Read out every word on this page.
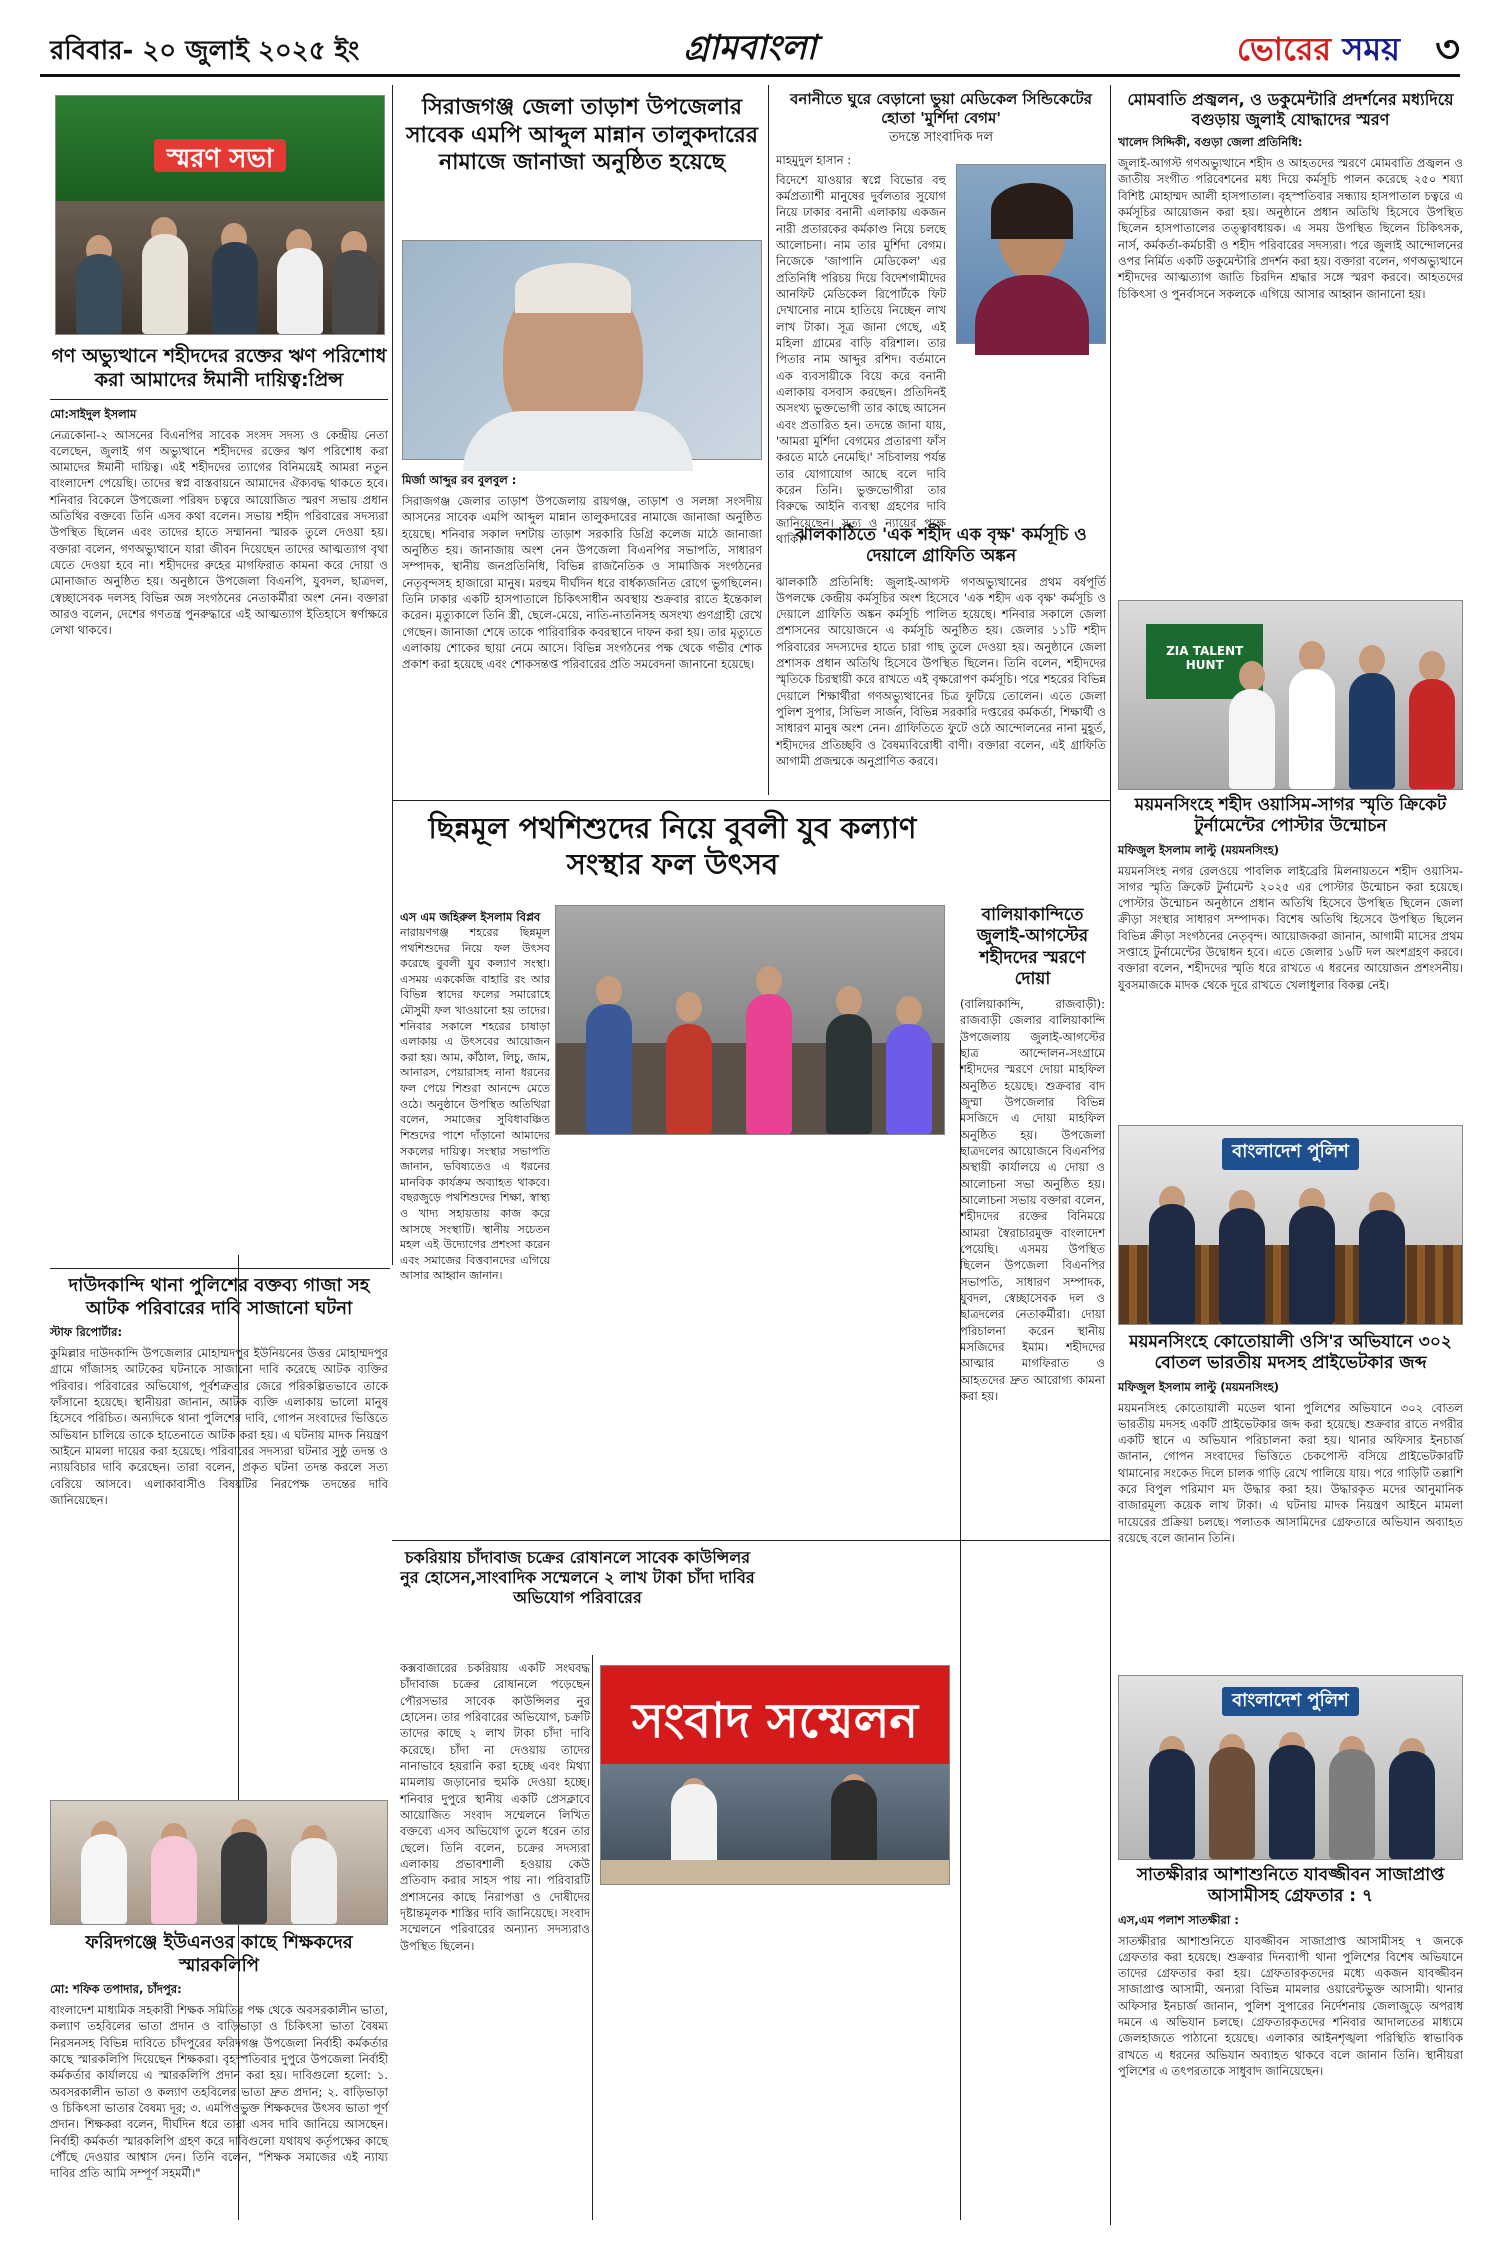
রবিবার- ২০ জুলাই ২০২৫ ইং	গ্রামবাংলা	ভোরের সময় ৩
স্মরণ সভা
গণ অভ্যুত্থানে শহীদদের রক্তের ঋণ পরিশোধ করা আমাদের ঈমানী দায়িত্ব:প্রিন্স
মো:সাইদুল ইসলাম
নেত্রকোনা-২ আসনের বিএনপির সাবেক সংসদ সদস্য ও কেন্দ্রীয় নেতা বলেছেন, জুলাই গণ অভ্যুত্থানে শহীদদের রক্তের ঋণ পরিশোধ করা আমাদের ঈমানী দায়িত্ব। এই শহীদদের ত্যাগের বিনিময়েই আমরা নতুন বাংলাদেশ পেয়েছি। তাদের স্বপ্ন বাস্তবায়নে আমাদের ঐক্যবদ্ধ থাকতে হবে। শনিবার বিকেলে উপজেলা পরিষদ চত্বরে আয়োজিত স্মরণ সভায় প্রধান অতিথির বক্তব্যে তিনি এসব কথা বলেন। সভায় শহীদ পরিবারের সদস্যরা উপস্থিত ছিলেন এবং তাদের হাতে সম্মাননা স্মারক তুলে দেওয়া হয়। বক্তারা বলেন, গণঅভ্যুত্থানে যারা জীবন দিয়েছেন তাদের আত্মত্যাগ বৃথা যেতে দেওয়া হবে না। শহীদদের রুহের মাগফিরাত কামনা করে দোয়া ও মোনাজাত অনুষ্ঠিত হয়। অনুষ্ঠানে উপজেলা বিএনপি, যুবদল, ছাত্রদল, স্বেচ্ছাসেবক দলসহ বিভিন্ন অঙ্গ সংগঠনের নেতাকর্মীরা অংশ নেন। বক্তারা আরও বলেন, দেশের গণতন্ত্র পুনরুদ্ধারে এই আত্মত্যাগ ইতিহাসে স্বর্ণাক্ষরে লেখা থাকবে।
সিরাজগঞ্জ জেলা তাড়াশ উপজেলার সাবেক এমপি আব্দুল মান্নান তালুকদারের নামাজে জানাজা অনুষ্ঠিত হয়েছে
মির্জা আব্দুর রব বুলবুল :
সিরাজগঞ্জ জেলার তাড়াশ উপজেলায় রায়গঞ্জ, তাড়াশ ও সলঙ্গা সংসদীয় আসনের সাবেক এমপি আব্দুল মান্নান তালুকদারের নামাজে জানাজা অনুষ্ঠিত হয়েছে। শনিবার সকাল দশটায় তাড়াশ সরকারি ডিগ্রি কলেজ মাঠে জানাজা অনুষ্ঠিত হয়। জানাজায় অংশ নেন উপজেলা বিএনপির সভাপতি, সাধারণ সম্পাদক, স্থানীয় জনপ্রতিনিধি, বিভিন্ন রাজনৈতিক ও সামাজিক সংগঠনের নেতৃবৃন্দসহ হাজারো মানুষ। মরহুম দীর্ঘদিন ধরে বার্ধক্যজনিত রোগে ভুগছিলেন। তিনি ঢাকার একটি হাসপাতালে চিকিৎসাধীন অবস্থায় শুক্রবার রাতে ইন্তেকাল করেন। মৃত্যুকালে তিনি স্ত্রী, ছেলে-মেয়ে, নাতি-নাতনিসহ অসংখ্য গুণগ্রাহী রেখে গেছেন। জানাজা শেষে তাকে পারিবারিক কবরস্থানে দাফন করা হয়। তার মৃত্যুতে এলাকায় শোকের ছায়া নেমে আসে। বিভিন্ন সংগঠনের পক্ষ থেকে গভীর শোক প্রকাশ করা হয়েছে এবং শোকসন্তপ্ত পরিবারের প্রতি সমবেদনা জানানো হয়েছে।
বনানীতে ঘুরে বেড়ানো ভুয়া মেডিকেল সিন্ডিকেটের হোতা 'মুর্শিদা বেগম'
তদন্তে সাংবাদিক দল
মাহমুদুল হাসান :
বিদেশে যাওয়ার স্বপ্নে বিভোর বহু কর্মপ্রত্যাশী মানুষের দুর্বলতার সুযোগ নিয়ে ঢাকার বনানী এলাকায় একজন নারী প্রতারকের কর্মকাণ্ড নিয়ে চলছে আলোচনা। নাম তার মুর্শিদা বেগম। নিজেকে 'জাপানি মেডিকেল' এর প্রতিনিধি পরিচয় দিয়ে বিদেশগামীদের আনফিট মেডিকেল রিপোর্টকে ফিট দেখানোর নামে হাতিয়ে নিচ্ছেন লাখ লাখ টাকা। সূত্র জানা গেছে, এই মহিলা গ্রামের বাড়ি বরিশাল। তার পিতার নাম আব্দুর রশিদ। বর্তমানে এক ব্যবসায়ীকে বিয়ে করে বনানী এলাকায় বসবাস করছেন। প্রতিদিনই অসংখ্য ভুক্তভোগী তার কাছে আসেন এবং প্রতারিত হন। তদন্তে জানা যায়, 'আমরা মুর্শিদা বেগমের প্রতারণা ফাঁস করতে মাঠে নেমেছি।' সচিবালয় পর্যন্ত তার যোগাযোগ আছে বলে দাবি করেন তিনি। ভুক্তভোগীরা তার বিরুদ্ধে আইনি ব্যবস্থা গ্রহণের দাবি জানিয়েছেন। সত্য ও ন্যায়ের পক্ষে থাকি।
ঝালকাঠিতে 'এক শহীদ এক বৃক্ষ' কর্মসূচি ও দেয়ালে গ্রাফিতি অঙ্কন
ঝালকাঠি প্রতিনিধি: জুলাই-আগস্ট গণঅভ্যুত্থানের প্রথম বর্ষপূর্তি উপলক্ষে কেন্দ্রীয় কর্মসূচির অংশ হিসেবে 'এক শহীদ এক বৃক্ষ' কর্মসূচি ও দেয়ালে গ্রাফিতি অঙ্কন কর্মসূচি পালিত হয়েছে। শনিবার সকালে জেলা প্রশাসনের আয়োজনে এ কর্মসূচি অনুষ্ঠিত হয়। জেলার ১১টি শহীদ পরিবারের সদস্যদের হাতে চারা গাছ তুলে দেওয়া হয়। অনুষ্ঠানে জেলা প্রশাসক প্রধান অতিথি হিসেবে উপস্থিত ছিলেন। তিনি বলেন, শহীদদের স্মৃতিকে চিরস্থায়ী করে রাখতে এই বৃক্ষরোপণ কর্মসূচি। পরে শহরের বিভিন্ন দেয়ালে শিক্ষার্থীরা গণঅভ্যুত্থানের চিত্র ফুটিয়ে তোলেন। এতে জেলা পুলিশ সুপার, সিভিল সার্জন, বিভিন্ন সরকারি দপ্তরের কর্মকর্তা, শিক্ষার্থী ও সাধারণ মানুষ অংশ নেন। গ্রাফিতিতে ফুটে ওঠে আন্দোলনের নানা মুহূর্ত, শহীদদের প্রতিচ্ছবি ও বৈষম্যবিরোধী বাণী। বক্তারা বলেন, এই গ্রাফিতি আগামী প্রজন্মকে অনুপ্রাণিত করবে।
মোমবাতি প্রজ্বলন, ও ডকুমেন্টারি প্রদর্শনের মধ্যদিয়ে বগুড়ায় জুলাই যোদ্ধাদের স্মরণ
খালেদ সিদ্দিকী, বগুড়া জেলা প্রতিনিধি:
জুলাই-আগস্ট গণঅভ্যুত্থানে শহীদ ও আহতদের স্মরণে মোমবাতি প্রজ্বলন ও জাতীয় সংগীত পরিবেশনের মধ্য দিয়ে কর্মসূচি পালন করেছে ২৫০ শয্যা বিশিষ্ট মোহাম্মদ আলী হাসপাতাল। বৃহস্পতিবার সন্ধ্যায় হাসপাতাল চত্বরে এ কর্মসূচির আয়োজন করা হয়। অনুষ্ঠানে প্রধান অতিথি হিসেবে উপস্থিত ছিলেন হাসপাতালের তত্ত্বাবধায়ক। এ সময় উপস্থিত ছিলেন চিকিৎসক, নার্স, কর্মকর্তা-কর্মচারী ও শহীদ পরিবারের সদস্যরা। পরে জুলাই আন্দোলনের ওপর নির্মিত একটি ডকুমেন্টারি প্রদর্শন করা হয়। বক্তারা বলেন, গণঅভ্যুত্থানে শহীদদের আত্মত্যাগ জাতি চিরদিন শ্রদ্ধার সঙ্গে স্মরণ করবে। আহতদের চিকিৎসা ও পুনর্বাসনে সকলকে এগিয়ে আসার আহ্বান জানানো হয়।
ZIA TALENT HUNT
ময়মনসিংহে শহীদ ওয়াসিম-সাগর স্মৃতি ক্রিকেট টুর্নামেন্টের পোস্টার উন্মোচন
মফিজুল ইসলাম লাল্টু (ময়মনসিংহ)
ময়মনসিংহ নগর রেলওয়ে পাবলিক লাইব্রেরি মিলনায়তনে শহীদ ওয়াসিম-সাগর স্মৃতি ক্রিকেট টুর্নামেন্ট ২০২৫ এর পোস্টার উন্মোচন করা হয়েছে। পোস্টার উন্মোচন অনুষ্ঠানে প্রধান অতিথি হিসেবে উপস্থিত ছিলেন জেলা ক্রীড়া সংস্থার সাধারণ সম্পাদক। বিশেষ অতিথি হিসেবে উপস্থিত ছিলেন বিভিন্ন ক্রীড়া সংগঠনের নেতৃবৃন্দ। আয়োজকরা জানান, আগামী মাসের প্রথম সপ্তাহে টুর্নামেন্টের উদ্বোধন হবে। এতে জেলার ১৬টি দল অংশগ্রহণ করবে। বক্তারা বলেন, শহীদদের স্মৃতি ধরে রাখতে এ ধরনের আয়োজন প্রশংসনীয়। যুবসমাজকে মাদক থেকে দূরে রাখতে খেলাধুলার বিকল্প নেই।
বাংলাদেশ পুলিশ
ময়মনসিংহে কোতোয়ালী ওসি'র অভিযানে ৩০২ বোতল ভারতীয় মদসহ প্রাইভেটকার জব্দ
মফিজুল ইসলাম লাল্টু (ময়মনসিংহ)
ময়মনসিংহ কোতোয়ালী মডেল থানা পুলিশের অভিযানে ৩০২ বোতল ভারতীয় মদসহ একটি প্রাইভেটকার জব্দ করা হয়েছে। শুক্রবার রাতে নগরীর একটি স্থানে এ অভিযান পরিচালনা করা হয়। থানার অফিসার ইনচার্জ জানান, গোপন সংবাদের ভিত্তিতে চেকপোস্ট বসিয়ে প্রাইভেটকারটি থামানোর সংকেত দিলে চালক গাড়ি রেখে পালিয়ে যায়। পরে গাড়িটি তল্লাশি করে বিপুল পরিমাণ মদ উদ্ধার করা হয়। উদ্ধারকৃত মদের আনুমানিক বাজারমূল্য কয়েক লাখ টাকা। এ ঘটনায় মাদক নিয়ন্ত্রণ আইনে মামলা দায়েরের প্রক্রিয়া চলছে। পলাতক আসামিদের গ্রেফতারে অভিযান অব্যাহত রয়েছে বলে জানান তিনি।
বাংলাদেশ পুলিশ
সাতক্ষীরার আশাশুনিতে যাবজ্জীবন সাজাপ্রাপ্ত আসামীসহ গ্রেফতার : ৭
এস,এম পলাশ সাতক্ষীরা :
সাতক্ষীরার আশাশুনিতে যাবজ্জীবন সাজাপ্রাপ্ত আসামীসহ ৭ জনকে গ্রেফতার করা হয়েছে। শুক্রবার দিনব্যাপী থানা পুলিশের বিশেষ অভিযানে তাদের গ্রেফতার করা হয়। গ্রেফতারকৃতদের মধ্যে একজন যাবজ্জীবন সাজাপ্রাপ্ত আসামী, অন্যরা বিভিন্ন মামলার ওয়ারেন্টভুক্ত আসামী। থানার অফিসার ইনচার্জ জানান, পুলিশ সুপারের নির্দেশনায় জেলাজুড়ে অপরাধ দমনে এ অভিযান চলছে। গ্রেফতারকৃতদের শনিবার আদালতের মাধ্যমে জেলহাজতে পাঠানো হয়েছে। এলাকার আইনশৃঙ্খলা পরিস্থিতি স্বাভাবিক রাখতে এ ধরনের অভিযান অব্যাহত থাকবে বলে জানান তিনি। স্থানীয়রা পুলিশের এ তৎপরতাকে সাধুবাদ জানিয়েছেন।
ছিন্নমূল পথশিশুদের নিয়ে বুবলী যুব কল্যাণ সংস্থার ফল উৎসব
এস এম জহিরুল ইসলাম বিপ্লব
নারায়ণগঞ্জ শহরের ছিন্নমূল পথশিশুদের নিয়ে ফল উৎসব করেছে বুবলী যুব কল্যাণ সংস্থা। এসময় এককেজি বাহারি রং আর বিভিন্ন স্বাদের ফলের সমারোহে মৌসুমী ফল খাওয়ানো হয় তাদের। শনিবার সকালে শহরের চাষাড়া এলাকায় এ উৎসবের আয়োজন করা হয়। আম, কাঁঠাল, লিচু, জাম, আনারস, পেয়ারাসহ নানা ধরনের ফল পেয়ে শিশুরা আনন্দে মেতে ওঠে। অনুষ্ঠানে উপস্থিত অতিথিরা বলেন, সমাজের সুবিধাবঞ্চিত শিশুদের পাশে দাঁড়ানো আমাদের সকলের দায়িত্ব। সংস্থার সভাপতি জানান, ভবিষ্যতেও এ ধরনের মানবিক কার্যক্রম অব্যাহত থাকবে। বছরজুড়ে পথশিশুদের শিক্ষা, স্বাস্থ্য ও খাদ্য সহায়তায় কাজ করে আসছে সংস্থাটি। স্থানীয় সচেতন মহল এই উদ্যোগের প্রশংসা করেন এবং সমাজের বিত্তবানদের এগিয়ে আসার আহ্বান জানান।
বালিয়াকান্দিতে জুলাই-আগস্টের শহীদদের স্মরণে দোয়া
(বালিয়াকান্দি, রাজবাড়ী): রাজবাড়ী জেলার বালিয়াকান্দি উপজেলায় জুলাই-আগস্টের ছাত্র আন্দোলন-সংগ্রামে শহীদদের স্মরণে দোয়া মাহফিল অনুষ্ঠিত হয়েছে। শুক্রবার বাদ জুম্মা উপজেলার বিভিন্ন মসজিদে এ দোয়া মাহফিল অনুষ্ঠিত হয়। উপজেলা ছাত্রদলের আয়োজনে বিএনপির অস্থায়ী কার্যালয়ে এ দোয়া ও আলোচনা সভা অনুষ্ঠিত হয়। আলোচনা সভায় বক্তারা বলেন, শহীদদের রক্তের বিনিময়ে আমরা স্বৈরাচারমুক্ত বাংলাদেশ পেয়েছি। এসময় উপস্থিত ছিলেন উপজেলা বিএনপির সভাপতি, সাধারণ সম্পাদক, যুবদল, স্বেচ্ছাসেবক দল ও ছাত্রদলের নেতাকর্মীরা। দোয়া পরিচালনা করেন স্থানীয় মসজিদের ইমাম। শহীদদের আত্মার মাগফিরাত ও আহতদের দ্রুত আরোগ্য কামনা করা হয়।
দাউদকান্দি থানা পুলিশের বক্তব্য গাজা সহ আটক পরিবারের দাবি সাজানো ঘটনা
স্টাফ রিপোর্টার:
কুমিল্লার দাউদকান্দি উপজেলার মোহাম্মদপুর ইউনিয়নের উত্তর মোহাম্মদপুর গ্রামে গাঁজাসহ আটকের ঘটনাকে সাজানো দাবি করেছে আটক ব্যক্তির পরিবার। পরিবারের অভিযোগ, পূর্বশত্রুতার জেরে পরিকল্পিতভাবে তাকে ফাঁসানো হয়েছে। স্থানীয়রা জানান, আটক ব্যক্তি এলাকায় ভালো মানুষ হিসেবে পরিচিত। অন্যদিকে থানা পুলিশের দাবি, গোপন সংবাদের ভিত্তিতে অভিযান চালিয়ে তাকে হাতেনাতে আটক করা হয়। এ ঘটনায় মাদক নিয়ন্ত্রণ আইনে মামলা দায়ের করা হয়েছে। পরিবারের সদস্যরা ঘটনার সুষ্ঠু তদন্ত ও ন্যায়বিচার দাবি করেছেন। তারা বলেন, প্রকৃত ঘটনা তদন্ত করলে সত্য বেরিয়ে আসবে। এলাকাবাসীও বিষয়টির নিরপেক্ষ তদন্তের দাবি জানিয়েছেন।
ফরিদগঞ্জে ইউএনওর কাছে শিক্ষকদের স্মারকলিপি
মো: শফিক তপাদার, চাঁদপুর:
বাংলাদেশ মাধ্যমিক সহকারী শিক্ষক সমিতির পক্ষ থেকে অবসরকালীন ভাতা, কল্যাণ তহবিলের ভাতা প্রদান ও বাড়িভাড়া ও চিকিৎসা ভাতা বৈষম্য নিরসনসহ বিভিন্ন দাবিতে চাঁদপুরের ফরিদগঞ্জ উপজেলা নির্বাহী কর্মকর্তার কাছে স্মারকলিপি দিয়েছেন শিক্ষকরা। বৃহস্পতিবার দুপুরে উপজেলা নির্বাহী কর্মকর্তার কার্যালয়ে এ স্মারকলিপি প্রদান করা হয়। দাবিগুলো হলো: ১. অবসরকালীন ভাতা ও কল্যাণ তহবিলের ভাতা দ্রুত প্রদান; ২. বাড়িভাড়া ও চিকিৎসা ভাতার বৈষম্য দূর; ৩. এমপিওভুক্ত শিক্ষকদের উৎসব ভাতা পূর্ণ প্রদান। শিক্ষকরা বলেন, দীর্ঘদিন ধরে তারা এসব দাবি জানিয়ে আসছেন। নির্বাহী কর্মকর্তা স্মারকলিপি গ্রহণ করে দাবিগুলো যথাযথ কর্তৃপক্ষের কাছে পৌঁছে দেওয়ার আশ্বাস দেন। তিনি বলেন, "শিক্ষক সমাজের এই ন্যায্য দাবির প্রতি আমি সম্পূর্ণ সহমর্মী।"
চকরিয়ায় চাঁদাবাজ চক্রের রোষানলে সাবেক কাউন্সিলর নুর হোসেন,সাংবাদিক সম্মেলনে ২ লাখ টাকা চাঁদা দাবির অভিযোগ পরিবারের
কক্সবাজারের চকরিয়ায় একটি সংঘবদ্ধ চাঁদাবাজ চক্রের রোষানলে পড়েছেন পৌরসভার সাবেক কাউন্সিলর নুর হোসেন। তার পরিবারের অভিযোগ, চক্রটি তাদের কাছে ২ লাখ টাকা চাঁদা দাবি করেছে। চাঁদা না দেওয়ায় তাদের নানাভাবে হয়রানি করা হচ্ছে এবং মিথ্যা মামলায় জড়ানোর হুমকি দেওয়া হচ্ছে। শনিবার দুপুরে স্থানীয় একটি প্রেসক্লাবে আয়োজিত সংবাদ সম্মেলনে লিখিত বক্তব্যে এসব অভিযোগ তুলে ধরেন তার ছেলে। তিনি বলেন, চক্রের সদস্যরা এলাকায় প্রভাবশালী হওয়ায় কেউ প্রতিবাদ করার সাহস পায় না। পরিবারটি প্রশাসনের কাছে নিরাপত্তা ও দোষীদের দৃষ্টান্তমূলক শাস্তির দাবি জানিয়েছে। সংবাদ সম্মেলনে পরিবারের অন্যান্য সদস্যরাও উপস্থিত ছিলেন।
সংবাদ সম্মেলন
